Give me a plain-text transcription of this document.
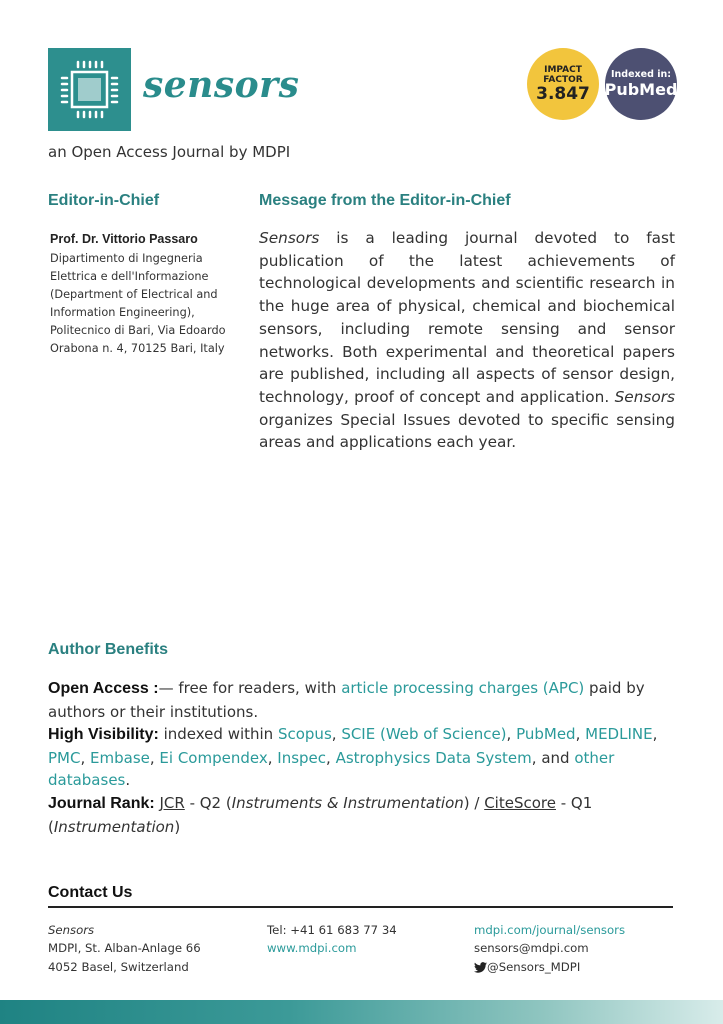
sensors
an Open Access Journal by MDPI
IMPACT
FACTOR
3.847
Indexed in:
PubMed
Editor-in-Chief
Prof. Dr. Vittorio Passaro
Dipartimento di Ingegneria
Elettrica e dell'Informazione
(Department of Electrical and
Information Engineering),
Politecnico di Bari, Via Edoardo
Orabona n. 4, 70125 Bari, Italy
Message from the Editor-in-Chief
Sensors is a leading journal devoted to fast publication of the latest achievements of technological developments and scientific research in the huge area of physical, chemical and biochemical sensors, including remote sensing and sensor networks. Both experimental and theoretical papers are published, including all aspects of sensor design, technology, proof of concept and application. Sensors organizes Special Issues devoted to specific sensing areas and applications each year.
Author Benefits
Open Access :— free for readers, with article processing charges (APC) paid by authors or their institutions.
High Visibility: indexed within Scopus, SCIE (Web of Science), PubMed, MEDLINE, PMC, Embase, Ei Compendex, Inspec, Astrophysics Data System, and other databases.
Journal Rank: JCR - Q2 (Instruments & Instrumentation) / CiteScore - Q1 (Instrumentation)
Contact Us
Sensors
MDPI, St. Alban-Anlage 66
4052 Basel, Switzerland
Tel: +41 61 683 77 34
www.mdpi.com
mdpi.com/journal/sensors
sensors@mdpi.com
@Sensors_MDPI
